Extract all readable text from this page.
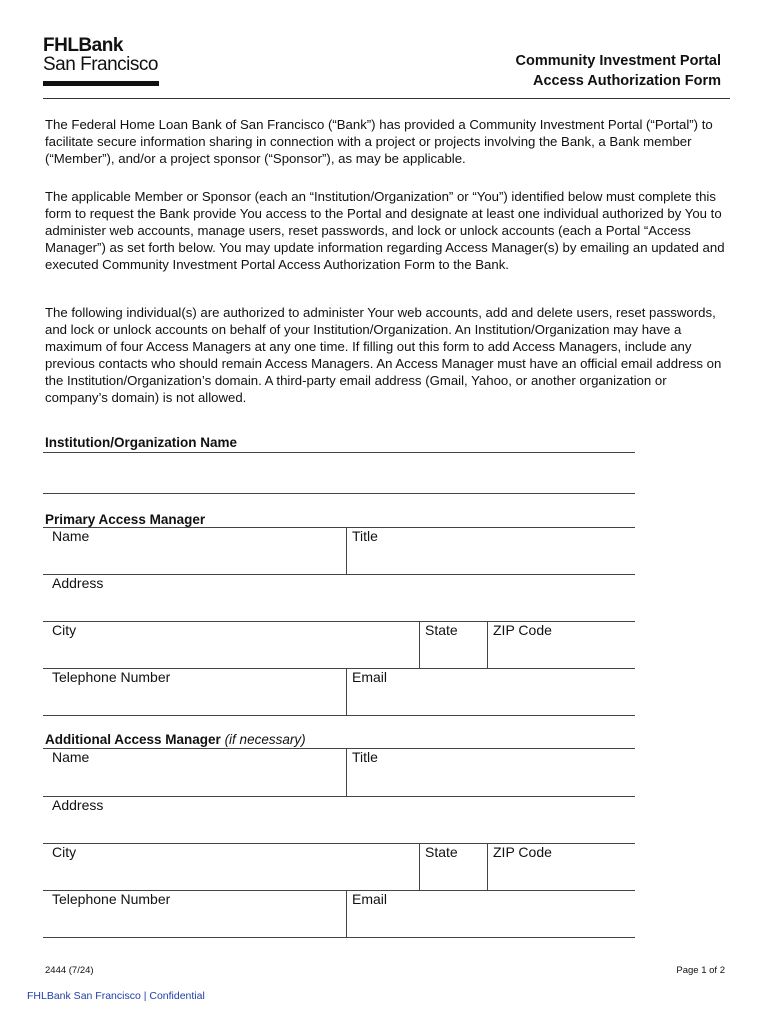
FHLBank
San Francisco	Community Investment Portal
Access Authorization Form
The Federal Home Loan Bank of San Francisco (“Bank”) has provided a Community Investment Portal (“Portal”) to facilitate secure information sharing in connection with a project or projects involving the Bank, a Bank member (“Member”), and/or a project sponsor (“Sponsor”), as may be applicable.
The applicable Member or Sponsor (each an “Institution/Organization” or “You”) identified below must complete this form to request the Bank provide You access to the Portal and designate at least one individual authorized by You to administer web accounts, manage users, reset passwords, and lock or unlock accounts (each a Portal “Access Manager”) as set forth below. You may update information regarding Access Manager(s) by emailing an updated and executed Community Investment Portal Access Authorization Form to the Bank.
The following individual(s) are authorized to administer Your web accounts, add and delete users, reset passwords, and lock or unlock accounts on behalf of your Institution/Organization. An Institution/Organization may have a maximum of four Access Managers at any one time. If filling out this form to add Access Managers, include any previous contacts who should remain Access Managers. An Access Manager must have an official email address on the Institution/Organization’s domain. A third-party email address (Gmail, Yahoo, or another organization or company’s domain) is not allowed.
Institution/Organization Name
Primary Access Manager
Name	Title
Address
City	State	ZIP Code
Telephone Number	Email
Additional Access Manager (if necessary)
Name	Title
Address
City	State	ZIP Code
Telephone Number	Email
2444 (7/24)	Page 1 of 2
FHLBank San Francisco | Confidential
